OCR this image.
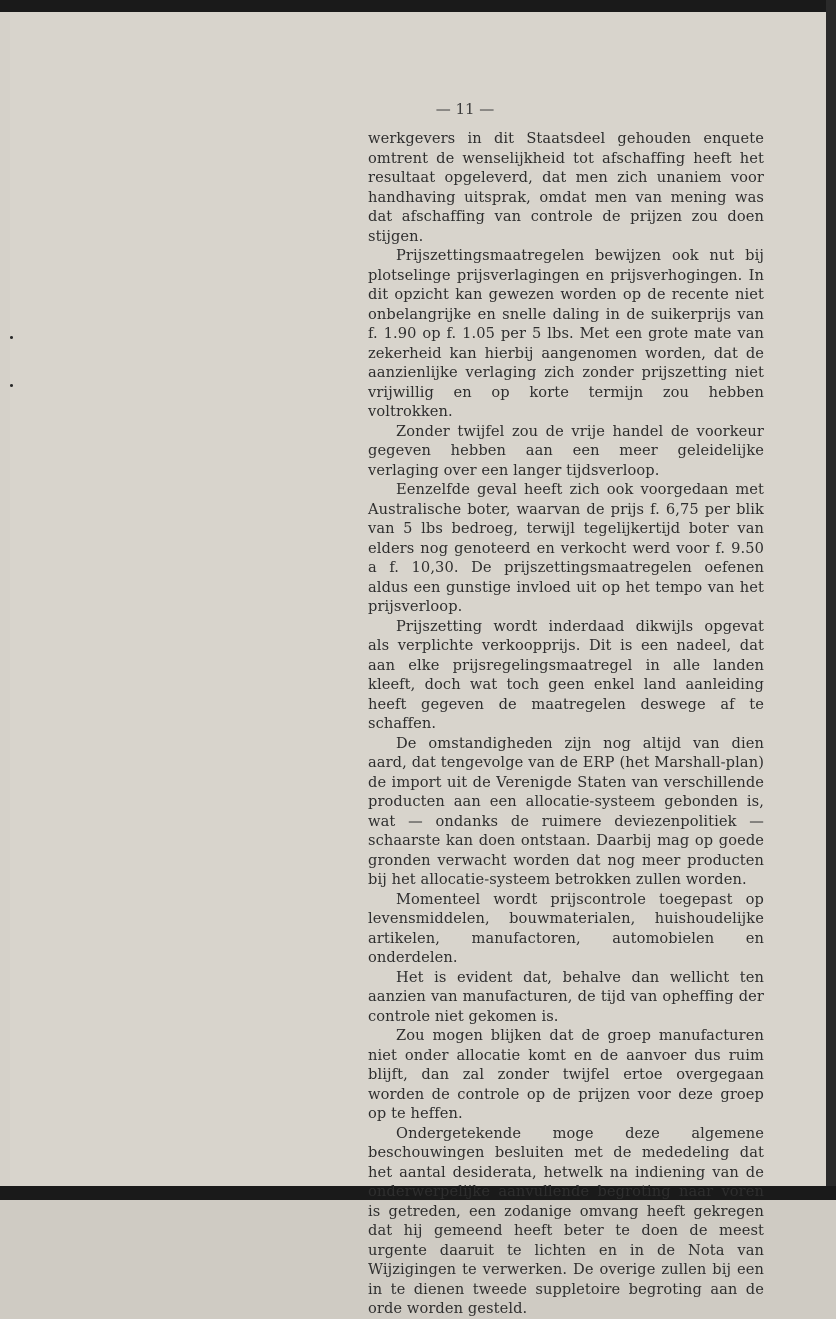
— 11 —

werkgevers in dit Staatsdeel gehouden enquete omtrent de wenselijkheid tot afschaffing heeft het resultaat opgeleverd, dat men zich unaniem voor handhaving uitsprak, omdat men van mening was dat afschaffing van controle de prijzen zou doen stijgen.

Prijszettingsmaatregelen bewijzen ook nut bij plotselinge prijsverlagingen en prijsverhogingen. In dit opzicht kan gewezen worden op de recente niet onbelangrijke en snelle daling in de suikerprijs van f. 1.90 op f. 1.05 per 5 lbs. Met een grote mate van zekerheid kan hierbij aangenomen worden, dat de aanzienlijke verlaging zich zonder prijszetting niet vrijwillig en op korte termijn zou hebben voltrokken.

Zonder twijfel zou de vrije handel de voorkeur gegeven hebben aan een meer geleidelijke verlaging over een langer tijdsverloop.

Eenzelfde geval heeft zich ook voorgedaan met Australische boter, waarvan de prijs f. 6,75 per blik van 5 lbs bedroeg, terwijl tegelijkertijd boter van elders nog genoteerd en verkocht werd voor f. 9.50 a f. 10,30. De prijszettingsmaatregelen oefenen aldus een gunstige invloed uit op het tempo van het prijsverloop.

Prijszetting wordt inderdaad dikwijls opgevat als verplichte verkoopprijs. Dit is een nadeel, dat aan elke prijsregelingsmaatregel in alle landen kleeft, doch wat toch geen enkel land aanleiding heeft gegeven de maatregelen deswege af te schaffen.

De omstandigheden zijn nog altijd van dien aard, dat tengevolge van de ERP (het Marshall-plan) de import uit de Verenigde Staten van verschillende producten aan een allocatie-systeem gebonden is, wat — ondanks de ruimere deviezenpolitiek — schaarste kan doen ontstaan. Daarbij mag op goede gronden verwacht worden dat nog meer producten bij het allocatie-systeem betrokken zullen worden.

Momenteel wordt prijscontrole toegepast op levensmiddelen, bouwmaterialen, huishoudelijke artikelen, manufactoren, automobielen en onderdelen.

Het is evident dat, behalve dan wellicht ten aanzien van manufacturen, de tijd van opheffing der controle niet gekomen is.

Zou mogen blijken dat de groep manufacturen niet onder allocatie komt en de aanvoer dus ruim blijft, dan zal zonder twijfel ertoe overgegaan worden de controle op de prijzen voor deze groep op te heffen.

Ondergetekende moge deze algemene beschouwingen besluiten met de mededeling dat het aantal desiderata, hetwelk na indiening van de onderwerpelijke aanvullende begroting naar voren is getreden, een zodanige omvang heeft gekregen dat hij gemeend heeft beter te doen de meest urgente daaruit te lichten en in de Nota van Wijzigingen te verwerken. De overige zullen bij een in te dienen tweede suppletoire begroting aan de orde worden gesteld.
